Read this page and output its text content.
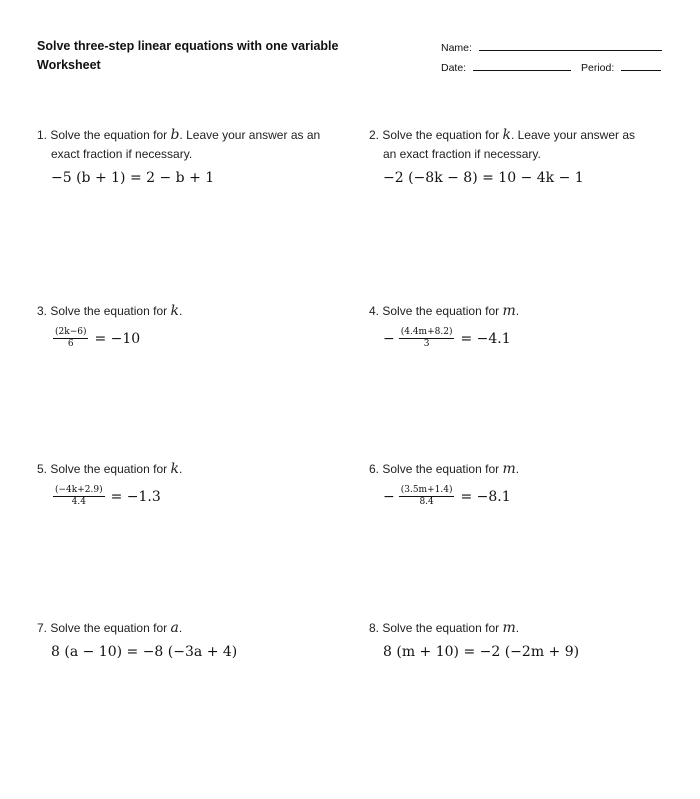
Solve three-step linear equations with one variable
Worksheet
Name:
Date:	Period:
1. Solve the equation for b. Leave your answer as an
exact fraction if necessary.
−5 (b + 1) = 2 − b + 1
2. Solve the equation for k. Leave your answer as
an exact fraction if necessary.
−2 (−8k − 8) = 10 − 4k − 1
3. Solve the equation for k.
$\frac{(2k-6)}{6} = -10$
4. Solve the equation for m.
− $\frac{(4.4m+8.2)}{3} = -4.1$
5. Solve the equation for k.
$\frac{(-4k+2.9)}{4.4} = -1.3$
6. Solve the equation for m.
− $\frac{(3.5m+1.4)}{8.4} = -8.1$
7. Solve the equation for a.
8 (a − 10) = −8 (−3a + 4)
8. Solve the equation for m.
8 (m + 10) = −2 (−2m + 9)
